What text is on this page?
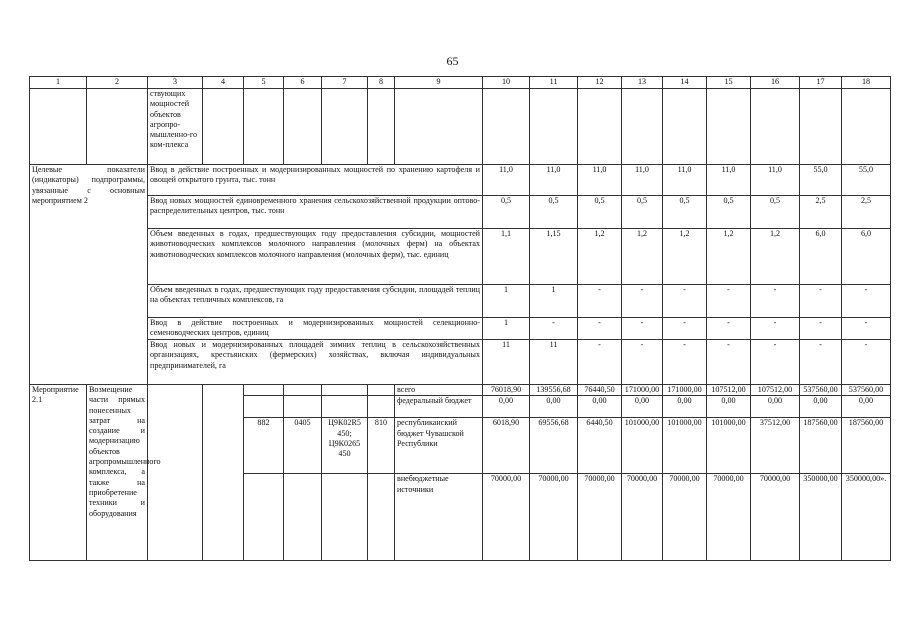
65
1	2	3	4	5	6	7	8	9	10	11	12	13	14	15	16	17	18
		ствующих мощностей объектов агропро-мышленно-го ком-плекса															
Целевые показатели (индикаторы) подпрограммы, увязанные с основным мероприятием 2		Ввод в действие построенных и модернизированных мощностей по хранению картофеля и овощей открытого грунта, тыс. тонн							11,0	11,0	11,0	11,0	11,0	11,0	11,0	55,0	55,0
		Ввод новых мощностей единовременного хранения сельскохозяйственной продукции оптово-распределительных центров, тыс. тонн							0,5	0,5	0,5	0,5	0,5	0,5	0,5	2,5	2,5
		Объем введенных в годах, предшествующих году предоставления субсидии, мощностей животноводческих комплексов молочного направления (молочных ферм) на объектах животноводческих комплексов молочного направления (молочных ферм), тыс. единиц							1,1	1,15	1,2	1,2	1,2	1,2	1,2	6,0	6,0
		Объем введенных в годах, предшествующих году предоставления субсидии, площадей теплиц на объектах тепличных комплексов, га							1	1	-	-	-	-	-	-	-
		Ввод в действие построенных и модернизированных мощностей селекционно-семеноводческих центров, единиц							1	-	-	-	-	-	-	-	-
		Ввод новых и модернизированных площадей зимних теплиц в сельскохозяйственных организациях, крестьянских (фермерских) хозяйствах, включая индивидуальных предпринимателей, га							11	11	-	-	-	-	-	-	-
Мероприятие 2.1	Возмещение части прямых понесенных затрат на создание и модернизацию объектов агропромышленного комплекса, а также на приобретение техники и оборудования							всего	76018,90	139556,68	76440,50	171000,00	171000,00	107512,00	107512,00	537560,00	537560,00
								федеральный бюджет	0,00	0,00	0,00	0,00	0,00	0,00	0,00	0,00	0,00
				882	0405	Ц9К02R5 450; Ц9К0265 450	810	республиканский бюджет Чувашской Республики	6018,90	69556,68	6440,50	101000,00	101000,00	101000,00	37512,00	187560,00	187560,00
								внебюджетные источники	70000,00	70000,00	70000,00	70000,00	70000,00	70000,00	70000,00	350000,00	350000,00».
